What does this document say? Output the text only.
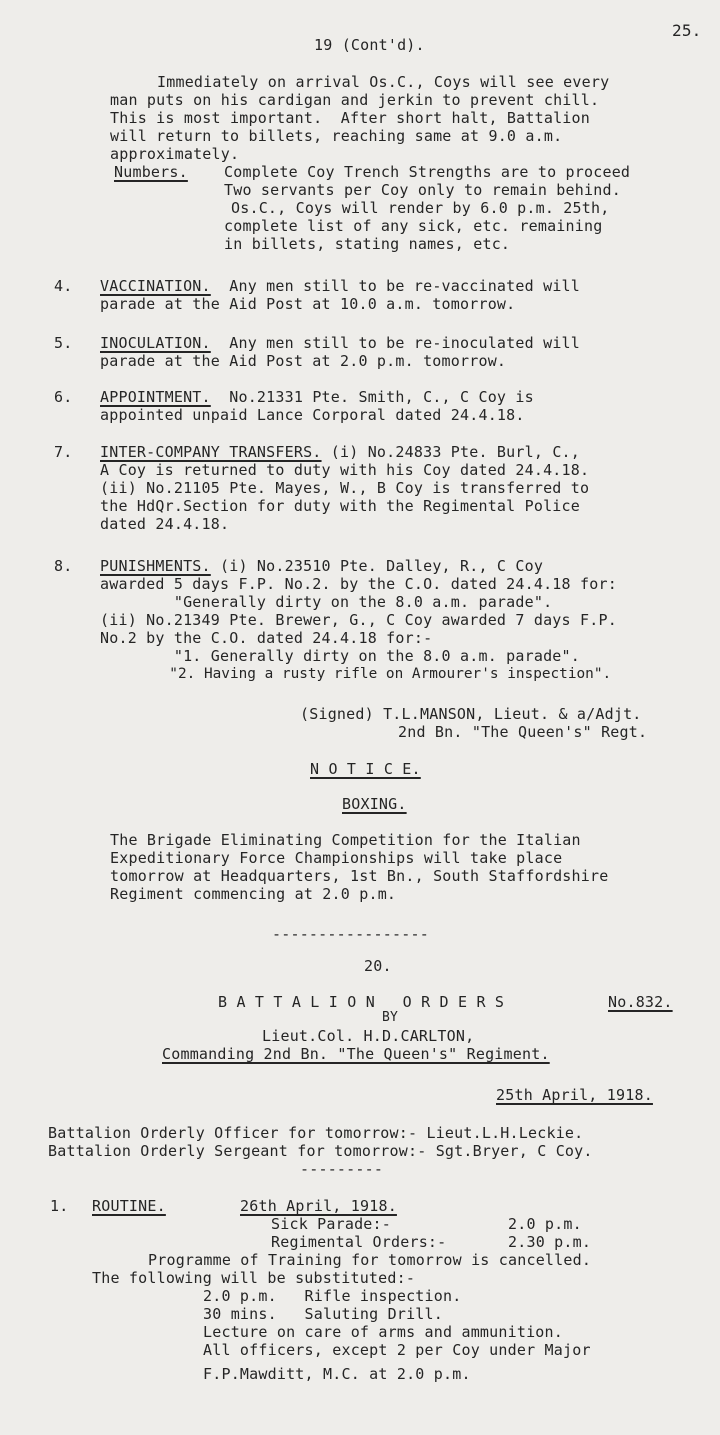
25.
19 (Cont'd).
Immediately on arrival Os.C., Coys will see every
man puts on his cardigan and jerkin to prevent chill.
This is most important.  After short halt, Battalion
will return to billets, reaching same at 9.0 a.m.
approximately.
Numbers. Complete Coy Trench Strengths are to proceed
Two servants per Coy only to remain behind.
Os.C., Coys will render by 6.0 p.m. 25th,
complete list of any sick, etc. remaining
in billets, stating names, etc.
4. VACCINATION.  Any men still to be re-vaccinated will
parade at the Aid Post at 10.0 a.m. tomorrow.
5. INOCULATION.  Any men still to be re-inoculated will
parade at the Aid Post at 2.0 p.m. tomorrow.
6. APPOINTMENT.  No.21331 Pte. Smith, C., C Coy is
appointed unpaid Lance Corporal dated 24.4.18.
7. INTER-COMPANY TRANSFERS. (i) No.24833 Pte. Burl, C.,
A Coy is returned to duty with his Coy dated 24.4.18.
(ii) No.21105 Pte. Mayes, W., B Coy is transferred to
the HdQr.Section for duty with the Regimental Police
dated 24.4.18.
8. PUNISHMENTS. (i) No.23510 Pte. Dalley, R., C Coy
awarded 5 days F.P. No.2. by the C.O. dated 24.4.18 for:
"Generally dirty on the 8.0 a.m. parade".
(ii) No.21349 Pte. Brewer, G., C Coy awarded 7 days F.P.
No.2 by the C.O. dated 24.4.18 for:-
"1. Generally dirty on the 8.0 a.m. parade".
"2. Having a rusty rifle on Armourer's inspection".
(Signed) T.L.MANSON, Lieut. & a/Adjt.
2nd Bn. "The Queen's" Regt.
N O T I C E.
BOXING.
The Brigade Eliminating Competition for the Italian
Expeditionary Force Championships will take place
tomorrow at Headquarters, 1st Bn., South Staffordshire
Regiment commencing at 2.0 p.m.
-----------------
20.
B A T T A L I O N   O R D E R S	No.832.
BY
Lieut.Col. H.D.CARLTON,
Commanding 2nd Bn. "The Queen's" Regiment.
25th April, 1918.
Battalion Orderly Officer for tomorrow:- Lieut.L.H.Leckie.
Battalion Orderly Sergeant for tomorrow:- Sgt.Bryer, C Coy.
---------
1. ROUTINE.	26th April, 1918.
Sick Parade:-	2.0 p.m.
Regimental Orders:-	2.30 p.m.
Programme of Training for tomorrow is cancelled.
The following will be substituted:-
2.0 p.m.   Rifle inspection.
30 mins.   Saluting Drill.
Lecture on care of arms and ammunition.
All officers, except 2 per Coy under Major
F.P.Mawditt, M.C. at 2.0 p.m.
